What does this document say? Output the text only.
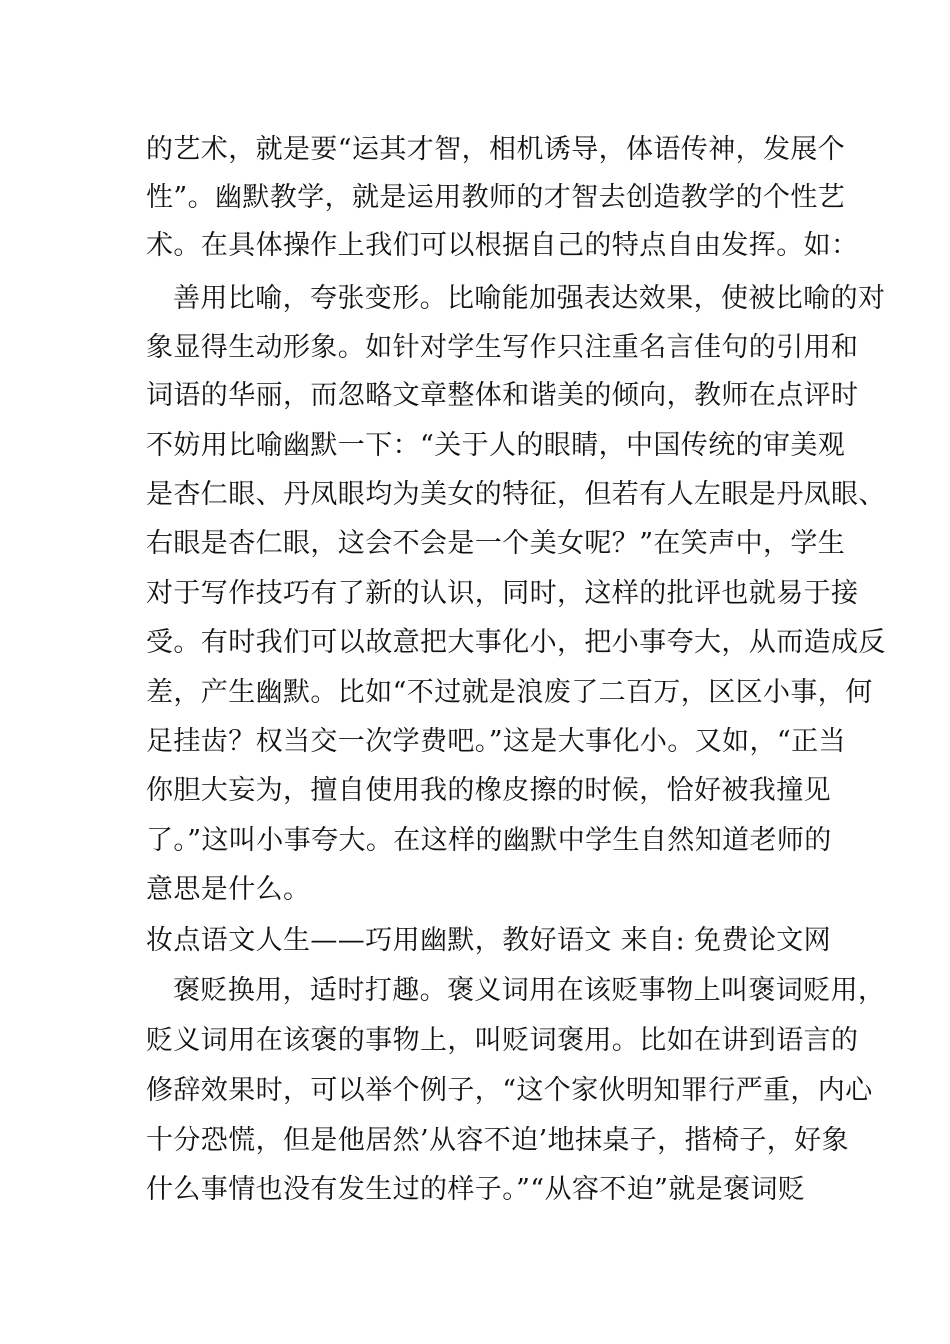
的艺术，就是要“运其才智，相机诱导，体语传神，发展个
性”。幽默教学，就是运用教师的才智去创造教学的个性艺
术。在具体操作上我们可以根据自己的特点自由发挥。如：
善用比喻，夸张变形。比喻能加强表达效果，使被比喻的对
象显得生动形象。如针对学生写作只注重名言佳句的引用和
词语的华丽，而忽略文章整体和谐美的倾向，教师在点评时
不妨用比喻幽默一下：“关于人的眼睛，中国传统的审美观
是杏仁眼、丹凤眼均为美女的特征，但若有人左眼是丹凤眼、
右眼是杏仁眼，这会不会是一个美女呢？”在笑声中，学生
对于写作技巧有了新的认识，同时，这样的批评也就易于接
受。有时我们可以故意把大事化小，把小事夸大，从而造成反
差，产生幽默。比如“不过就是浪废了二百万，区区小事，何
足挂齿？权当交一次学费吧。”这是大事化小。又如，“正当
你胆大妄为，擅自使用我的橡皮擦的时候，恰好被我撞见
了。”这叫小事夸大。在这样的幽默中学生自然知道老师的
意思是什么。
妆点语文人生——巧用幽默，教好语文 来自: 免费论文网
褒贬换用，适时打趣。褒义词用在该贬事物上叫褒词贬用，
贬义词用在该褒的事物上，叫贬词褒用。比如在讲到语言的
修辞效果时，可以举个例子，“这个家伙明知罪行严重，内心
十分恐慌，但是他居然’从容不迫’地抹桌子，揩椅子，好象
什么事情也没有发生过的样子。”“从容不迫”就是褒词贬
